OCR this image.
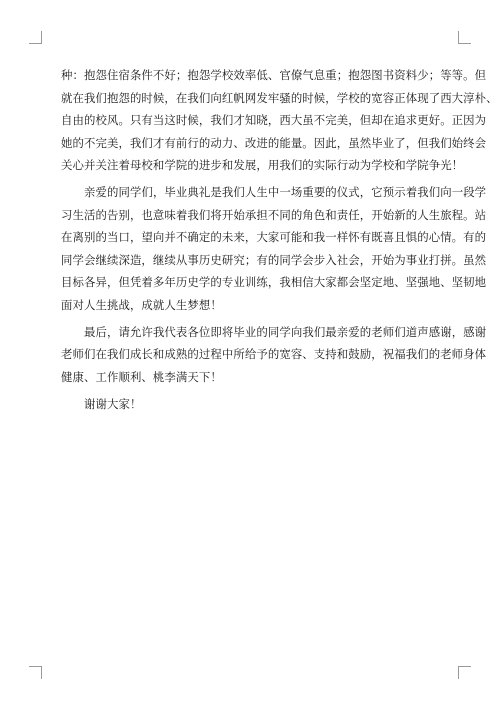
种：抱怨住宿条件不好；抱怨学校效率低、官僚气息重；抱怨图书资料少；等等。但
就在我们抱怨的时候，在我们向红帆网发牢骚的时候，学校的宽容正体现了西大淳朴、
自由的校风。只有当这时候，我们才知晓，西大虽不完美，但却在追求更好。正因为
她的不完美，我们才有前行的动力、改进的能量。因此，虽然毕业了，但我们始终会
关心并关注着母校和学院的进步和发展，用我们的实际行动为学校和学院争光！
亲爱的同学们，毕业典礼是我们人生中一场重要的仪式，它预示着我们向一段学
习生活的告别，也意味着我们将开始承担不同的角色和责任，开始新的人生旅程。站
在离别的当口，望向并不确定的未来，大家可能和我一样怀有既喜且惧的心情。有的
同学会继续深造，继续从事历史研究；有的同学会步入社会，开始为事业打拼。虽然
目标各异，但凭着多年历史学的专业训练，我相信大家都会坚定地、坚强地、坚韧地
面对人生挑战，成就人生梦想！
最后，请允许我代表各位即将毕业的同学向我们最亲爱的老师们道声感谢，感谢
老师们在我们成长和成熟的过程中所给予的宽容、支持和鼓励，祝福我们的老师身体
健康、工作顺利、桃李满天下！
谢谢大家！
